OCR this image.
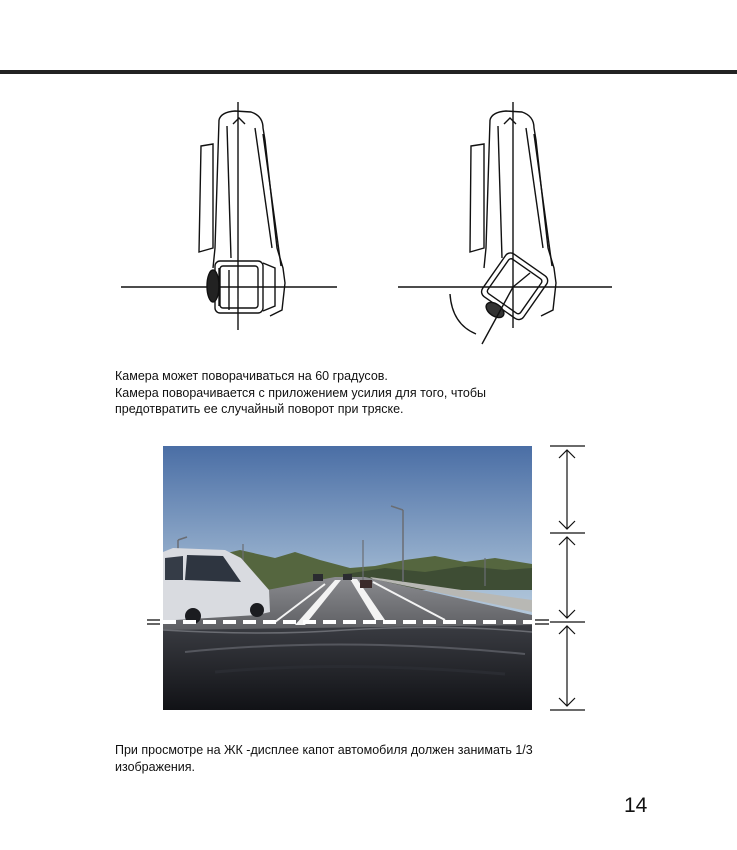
Камера может поворачиваться на 60 градусов.

Камера поворачивается с приложением усилия для того, чтобы

предотвратить ее случайный поворот при тряске.

При просмотре на ЖК -дисплее капот автомобиля должен занимать 1/3

изображения.

14
